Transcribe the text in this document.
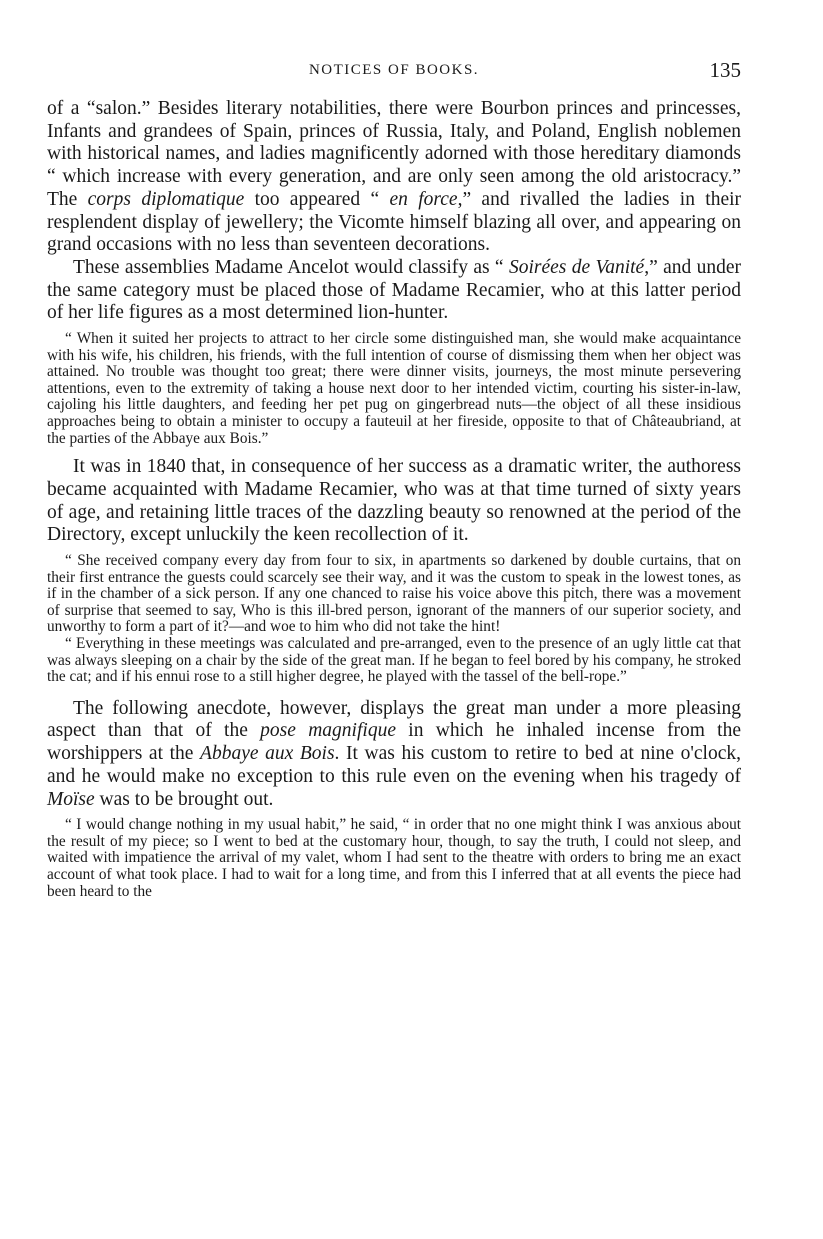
NOTICES OF BOOKS.	135

of a “salon.” Besides literary notabilities, there were Bourbon princes and princesses, Infants and grandees of Spain, princes of Russia, Italy, and Poland, English noblemen with historical names, and ladies magnificently adorned with those hereditary diamonds “ which increase with every generation, and are only seen among the old aristocracy.” The corps diplomatique too appeared “ en force,” and rivalled the ladies in their resplendent display of jewellery; the Vicomte himself blazing all over, and appearing on grand occasions with no less than seventeen decorations.

These assemblies Madame Ancelot would classify as “ Soirées de Vanité,” and under the same category must be placed those of Madame Recamier, who at this latter period of her life figures as a most determined lion-hunter.

“ When it suited her projects to attract to her circle some distinguished man, she would make acquaintance with his wife, his children, his friends, with the full intention of course of dismissing them when her object was attained. No trouble was thought too great; there were dinner visits, journeys, the most minute persevering attentions, even to the extremity of taking a house next door to her intended victim, courting his sister-in-law, cajoling his little daughters, and feeding her pet pug on gingerbread nuts—the object of all these insidious approaches being to obtain a minister to occupy a fauteuil at her fireside, opposite to that of Châteaubriand, at the parties of the Abbaye aux Bois.”

It was in 1840 that, in consequence of her success as a dramatic writer, the authoress became acquainted with Madame Recamier, who was at that time turned of sixty years of age, and retaining little traces of the dazzling beauty so renowned at the period of the Directory, except unluckily the keen recollection of it.

“ She received company every day from four to six, in apartments so darkened by double curtains, that on their first entrance the guests could scarcely see their way, and it was the custom to speak in the lowest tones, as if in the chamber of a sick person. If any one chanced to raise his voice above this pitch, there was a movement of surprise that seemed to say, Who is this ill-bred person, ignorant of the manners of our superior society, and unworthy to form a part of it?—and woe to him who did not take the hint!

“ Everything in these meetings was calculated and pre-arranged, even to the presence of an ugly little cat that was always sleeping on a chair by the side of the great man. If he began to feel bored by his company, he stroked the cat; and if his ennui rose to a still higher degree, he played with the tassel of the bell-rope.”

The following anecdote, however, displays the great man under a more pleasing aspect than that of the pose magnifique in which he inhaled incense from the worshippers at the Abbaye aux Bois. It was his custom to retire to bed at nine o'clock, and he would make no exception to this rule even on the evening when his tragedy of Moïse was to be brought out.

“ I would change nothing in my usual habit,” he said, “ in order that no one might think I was anxious about the result of my piece; so I went to bed at the customary hour, though, to say the truth, I could not sleep, and waited with impatience the arrival of my valet, whom I had sent to the theatre with orders to bring me an exact account of what took place. I had to wait for a long time, and from this I inferred that at all events the piece had been heard to the
